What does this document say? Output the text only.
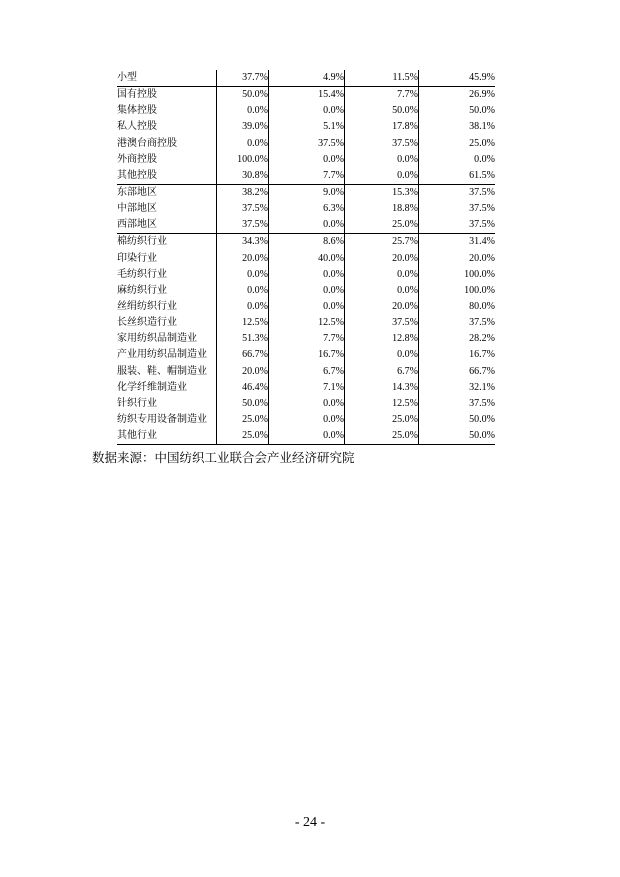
小型	37.7%	4.9%	11.5%	45.9%
国有控股	50.0%	15.4%	7.7%	26.9%
集体控股	0.0%	0.0%	50.0%	50.0%
私人控股	39.0%	5.1%	17.8%	38.1%
港澳台商控股	0.0%	37.5%	37.5%	25.0%
外商控股	100.0%	0.0%	0.0%	0.0%
其他控股	30.8%	7.7%	0.0%	61.5%
东部地区	38.2%	9.0%	15.3%	37.5%
中部地区	37.5%	6.3%	18.8%	37.5%
西部地区	37.5%	0.0%	25.0%	37.5%
棉纺织行业	34.3%	8.6%	25.7%	31.4%
印染行业	20.0%	40.0%	20.0%	20.0%
毛纺织行业	0.0%	0.0%	0.0%	100.0%
麻纺织行业	0.0%	0.0%	0.0%	100.0%
丝绢纺织行业	0.0%	0.0%	20.0%	80.0%
长丝织造行业	12.5%	12.5%	37.5%	37.5%
家用纺织品制造业	51.3%	7.7%	12.8%	28.2%
产业用纺织品制造业	66.7%	16.7%	0.0%	16.7%
服装、鞋、帽制造业	20.0%	6.7%	6.7%	66.7%
化学纤维制造业	46.4%	7.1%	14.3%	32.1%
针织行业	50.0%	0.0%	12.5%	37.5%
纺织专用设备制造业	25.0%	0.0%	25.0%	50.0%
其他行业	25.0%	0.0%	25.0%	50.0%
数据来源：中国纺织工业联合会产业经济研究院
- 24 -
